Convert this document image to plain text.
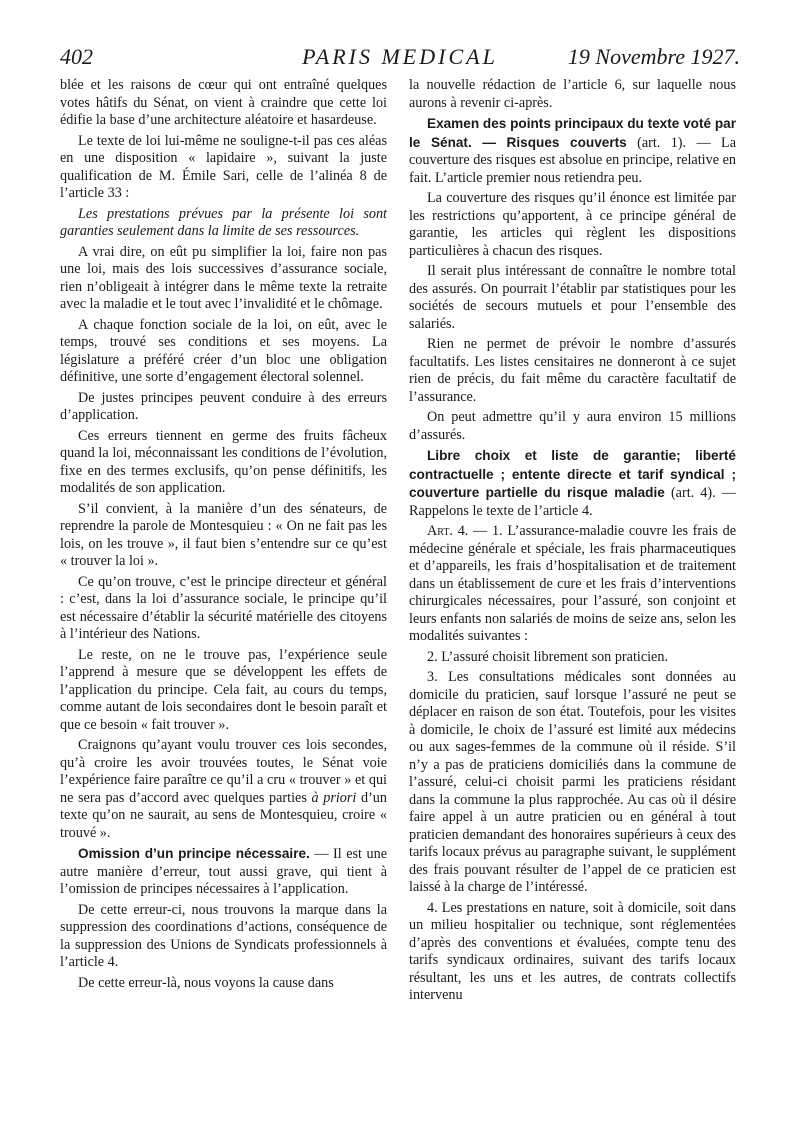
402	PARIS MEDICAL	19 Novembre 1927.

blée et les raisons de cœur qui ont entraîné quelques votes hâtifs du Sénat, on vient à craindre que cette loi édifie la base d’une architecture aléatoire et hasardeuse.

Le texte de loi lui-même ne souligne-t-il pas ces aléas en une disposition « lapidaire », suivant la juste qualification de M. Émile Sari, celle de l’alinéa 8 de l’article 33 :

Les prestations prévues par la présente loi sont garanties seulement dans la limite de ses ressources.

A vrai dire, on eût pu simplifier la loi, faire non pas une loi, mais des lois successives d’assurance sociale, rien n’obligeait à intégrer dans le même texte la retraite avec la maladie et le tout avec l’invalidité et le chômage.

A chaque fonction sociale de la loi, on eût, avec le temps, trouvé ses conditions et ses moyens. La législature a préféré créer d’un bloc une obligation définitive, une sorte d’engagement électoral solennel.

De justes principes peuvent conduire à des erreurs d’application.

Ces erreurs tiennent en germe des fruits fâcheux quand la loi, méconnaissant les conditions de l’évolution, fixe en des termes exclusifs, qu’on pense définitifs, les modalités de son application.

S’il convient, à la manière d’un des sénateurs, de reprendre la parole de Montesquieu : « On ne fait pas les lois, on les trouve », il faut bien s’entendre sur ce qu’est « trouver la loi ».

Ce qu’on trouve, c’est le principe directeur et général : c’est, dans la loi d’assurance sociale, le principe qu’il est nécessaire d’établir la sécurité matérielle des citoyens à l’intérieur des Nations.

Le reste, on ne le trouve pas, l’expérience seule l’apprend à mesure que se développent les effets de l’application du principe. Cela fait, au cours du temps, comme autant de lois secondaires dont le besoin paraît et que ce besoin « fait trouver ».

Craignons qu’ayant voulu trouver ces lois secondes, qu’à croire les avoir trouvées toutes, le Sénat voie l’expérience faire paraître ce qu’il a cru « trouver » et qui ne sera pas d’accord avec quelques parties à priori d’un texte qu’on ne saurait, au sens de Montesquieu, croire « trouvé ».

Omission d’un principe nécessaire. — Il est une autre manière d’erreur, tout aussi grave, qui tient à l’omission de principes nécessaires à l’application.

De cette erreur-ci, nous trouvons la marque dans la suppression des coordinations d’actions, conséquence de la suppression des Unions de Syndicats professionnels à l’article 4.

De cette erreur-là, nous voyons la cause dans

la nouvelle rédaction de l’article 6, sur laquelle nous aurons à revenir ci-après.

Examen des points principaux du texte voté par le Sénat. — Risques couverts (art. 1). — La couverture des risques est absolue en principe, relative en fait. L’article premier nous retiendra peu.

La couverture des risques qu’il énonce est limitée par les restrictions qu’apportent, à ce principe général de garantie, les articles qui règlent les dispositions particulières à chacun des risques.

Il serait plus intéressant de connaître le nombre total des assurés. On pourrait l’établir par statistiques pour les sociétés de secours mutuels et pour l’ensemble des salariés.

Rien ne permet de prévoir le nombre d’assurés facultatifs. Les listes censitaires ne donneront à ce sujet rien de précis, du fait même du caractère facultatif de l’assurance.

On peut admettre qu’il y aura environ 15 millions d’assurés.

Libre choix et liste de garantie; liberté contractuelle ; entente directe et tarif syndical ; couverture partielle du risque maladie (art. 4). — Rappelons le texte de l’article 4.

Art. 4. — 1. L’assurance-maladie couvre les frais de médecine générale et spéciale, les frais pharmaceutiques et d’appareils, les frais d’hospitalisation et de traitement dans un établissement de cure et les frais d’interventions chirurgicales nécessaires, pour l’assuré, son conjoint et leurs enfants non salariés de moins de seize ans, selon les modalités suivantes :

2. L’assuré choisit librement son praticien.

3. Les consultations médicales sont données au domicile du praticien, sauf lorsque l’assuré ne peut se déplacer en raison de son état. Toutefois, pour les visites à domicile, le choix de l’assuré est limité aux médecins ou aux sages-femmes de la commune où il réside. S’il n’y a pas de praticiens domiciliés dans la commune de l’assuré, celui-ci choisit parmi les praticiens résidant dans la commune la plus rapprochée. Au cas où il désire faire appel à un autre praticien ou en général à tout praticien demandant des honoraires supérieurs à ceux des tarifs locaux prévus au paragraphe suivant, le supplément des frais pouvant résulter de l’appel de ce praticien est laissé à la charge de l’intéressé.

4. Les prestations en nature, soit à domicile, soit dans un milieu hospitalier ou technique, sont réglementées d’après des conventions et évaluées, compte tenu des tarifs syndicaux ordinaires, suivant des tarifs locaux résultant, les uns et les autres, de contrats collectifs intervenu
